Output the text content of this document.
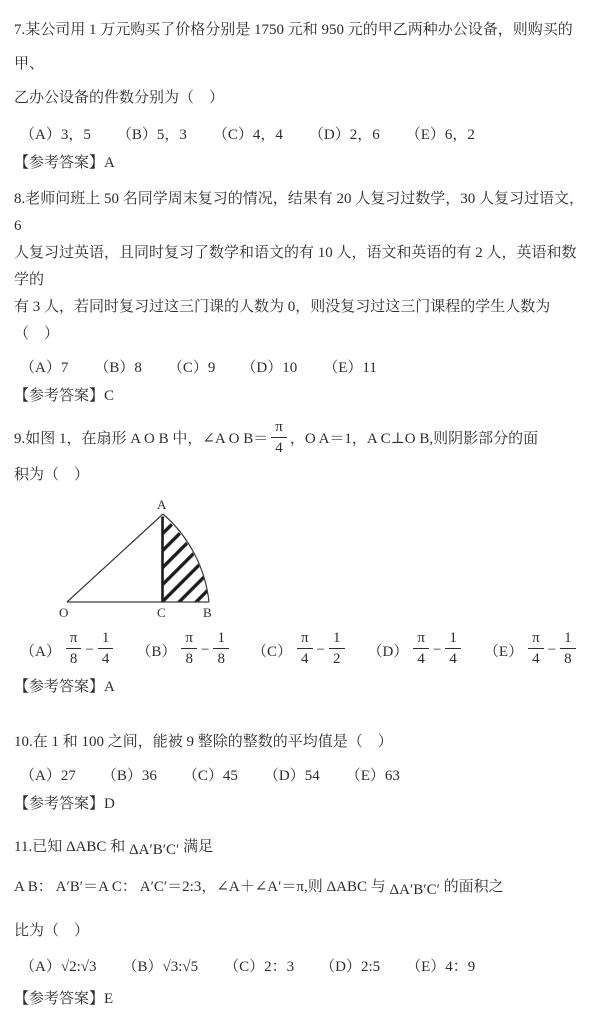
7.某公司用 1 万元购买了价格分别是 1750 元和 950 元的甲乙两种办公设备，则购买的甲、
乙办公设备的件数分别为（　）
（A）3，5 （B）5，3 （C）4，4 （D）2，6 （E）6，2
【参考答案】A
8.老师问班上 50 名同学周末复习的情况，结果有 20 人复习过数学，30 人复习过语文，6
人复习过英语，且同时复习了数学和语文的有 10 人，语文和英语的有 2 人，英语和数学的
有 3 人，若同时复习过这三门课的人数为 0，则没复习过这三门课程的学生人数为（　）
（A）7 （B）8 （C）9 （D）10 （E）11
【参考答案】C
9.如图 1，在扇形 A O B 中，∠A O $B= \frac{\pi}{4}$ ，O A＝1，A C⊥O B,则阴影部分的面
积为（　）
A
O	C	B
$(A) \frac{\pi}{8} - \frac{1}{4} (B) \frac{\pi}{8} - \frac{1}{8} (C) \frac{\pi}{4} - \frac{1}{2} (D) \frac{\pi}{4} - \frac{1}{4} (E) \frac{\pi}{4} - \frac{1}{8}$
【参考答案】A
10.在 1 和 100 之间，能被 9 整除的整数的平均值是（　）
（A）27 （B）36 （C）45 （D）54 （E）63
【参考答案】D
11.已知 ΔABC 和 ΔA′B′C′ 满足
A B： A′B′＝A C： A′C′＝2:3，∠A＋∠A′＝π,则 ΔABC 与 ΔA′B′C′ 的面积之
比为（　）
（A）√2:√3 （B）√3:√5 （C）2：3 （D）2:5 （E）4：9
【参考答案】E
